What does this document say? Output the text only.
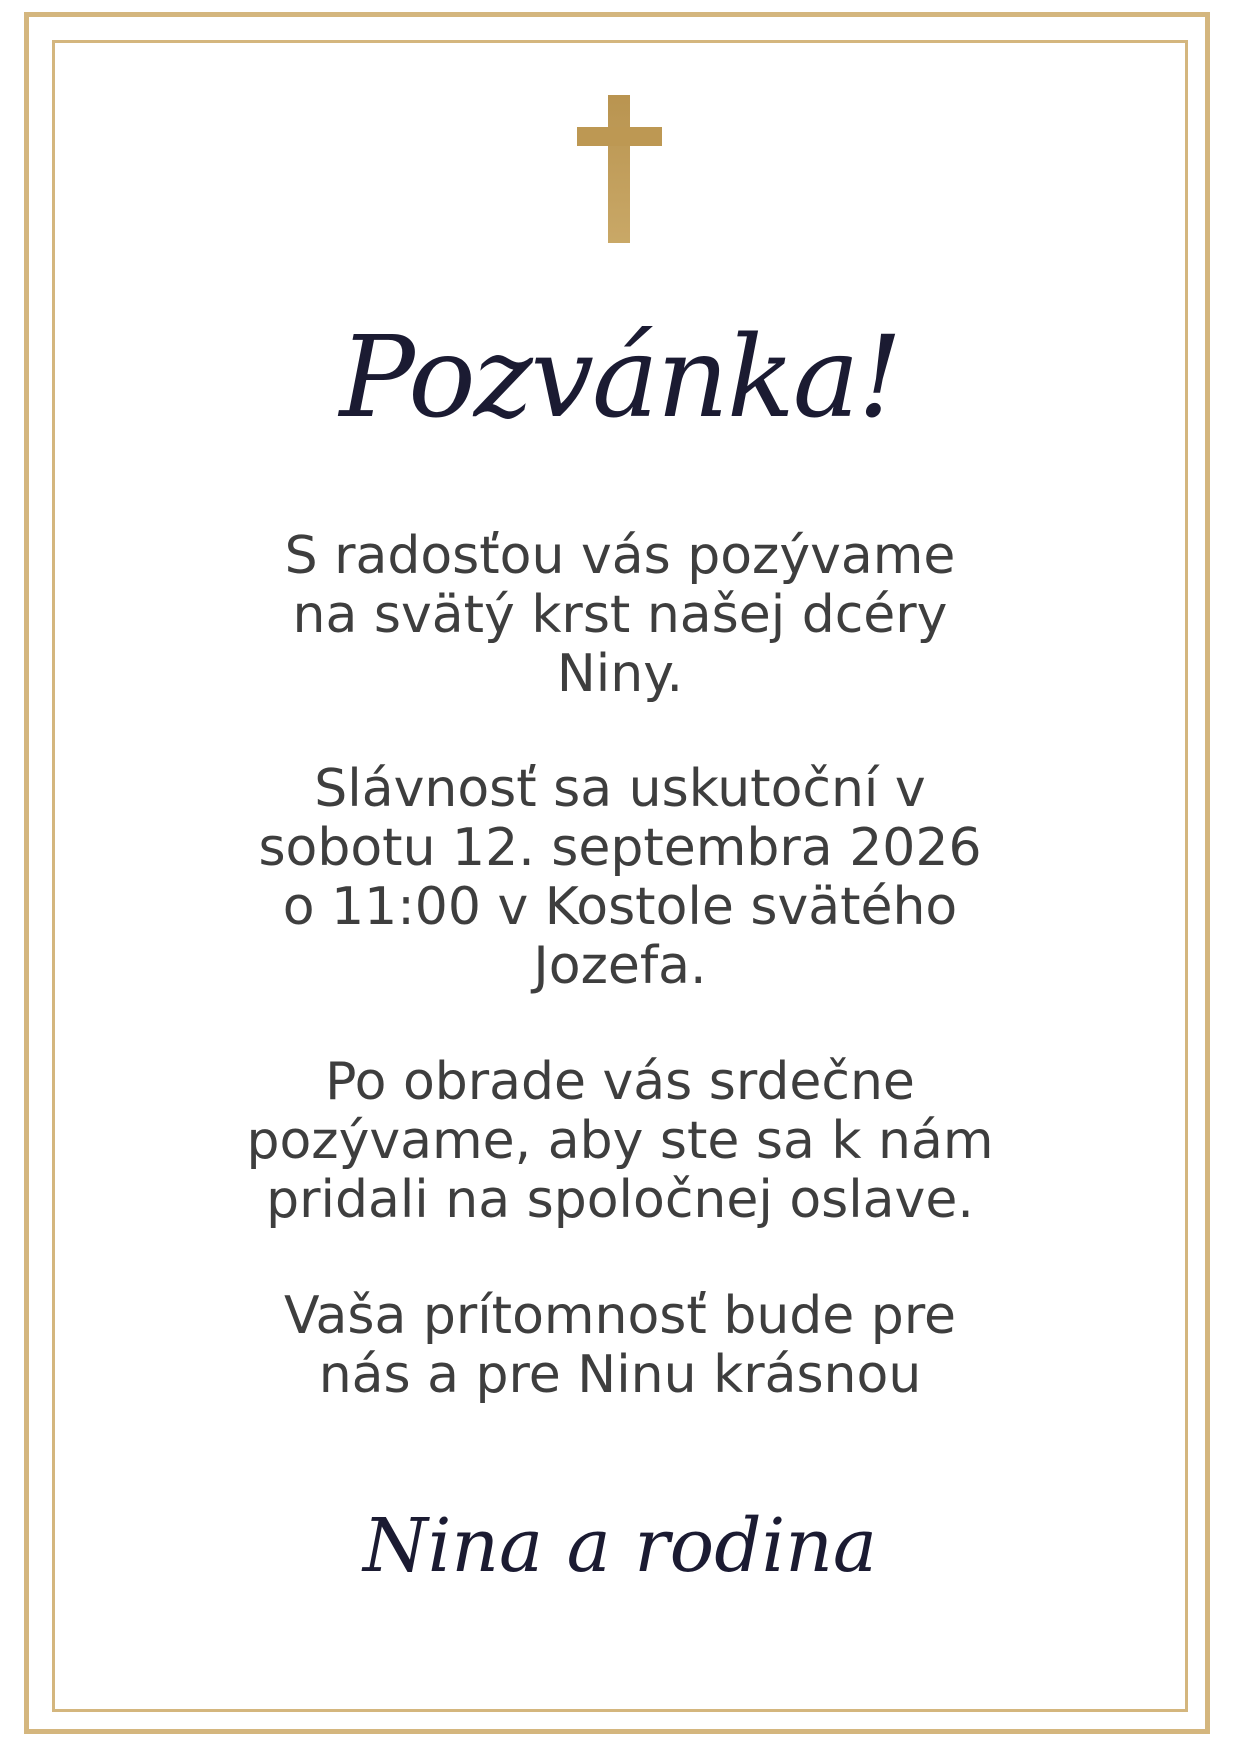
Pozvánka!

S radosťou vás pozývame
na svätý krst našej dcéry
Niny.

Slávnosť sa uskutoční v
sobotu 12. septembra 2026
o 11:00 v Kostole svätého
Jozefa.

Po obrade vás srdečne
pozývame, aby ste sa k nám
pridali na spoločnej oslave.

Vaša prítomnosť bude pre
nás a pre Ninu krásnou

Nina a rodina
